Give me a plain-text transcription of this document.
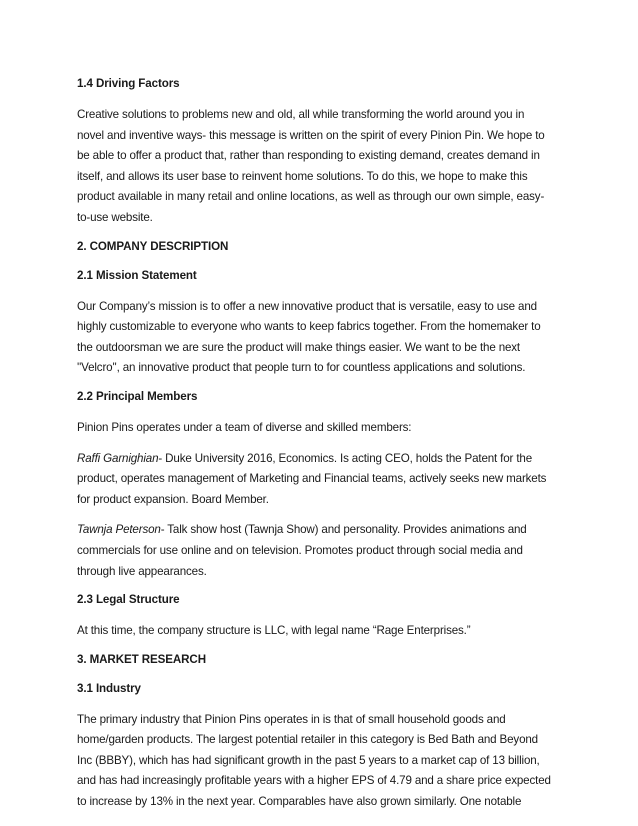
1.4 Driving Factors

Creative solutions to problems new and old, all while transforming the world around you in
novel and inventive ways- this message is written on the spirit of every Pinion Pin. We hope to
be able to offer a product that, rather than responding to existing demand, creates demand in
itself, and allows its user base to reinvent home solutions. To do this, we hope to make this
product available in many retail and online locations, as well as through our own simple, easy-
to-use website.

2. COMPANY DESCRIPTION

2.1 Mission Statement

Our Company’s mission is to offer a new innovative product that is versatile, easy to use and
highly customizable to everyone who wants to keep fabrics together. From the homemaker to
the outdoorsman we are sure the product will make things easier. We want to be the next
''Velcro'', an innovative product that people turn to for countless applications and solutions.

2.2 Principal Members

Pinion Pins operates under a team of diverse and skilled members:

Raffi Garnighian- Duke University 2016, Economics. Is acting CEO, holds the Patent for the
product, operates management of Marketing and Financial teams, actively seeks new markets
for product expansion. Board Member.

Tawnja Peterson- Talk show host (Tawnja Show) and personality. Provides animations and
commercials for use online and on television. Promotes product through social media and
through live appearances.

2.3 Legal Structure

At this time, the company structure is LLC, with legal name “Rage Enterprises.”

3. MARKET RESEARCH

3.1 Industry

The primary industry that Pinion Pins operates in is that of small household goods and
home/garden products. The largest potential retailer in this category is Bed Bath and Beyond
Inc (BBBY), which has had significant growth in the past 5 years to a market cap of 13 billion,
and has had increasingly profitable years with a higher EPS of 4.79 and a share price expected
to increase by 13% in the next year. Comparables have also grown similarly. One notable
